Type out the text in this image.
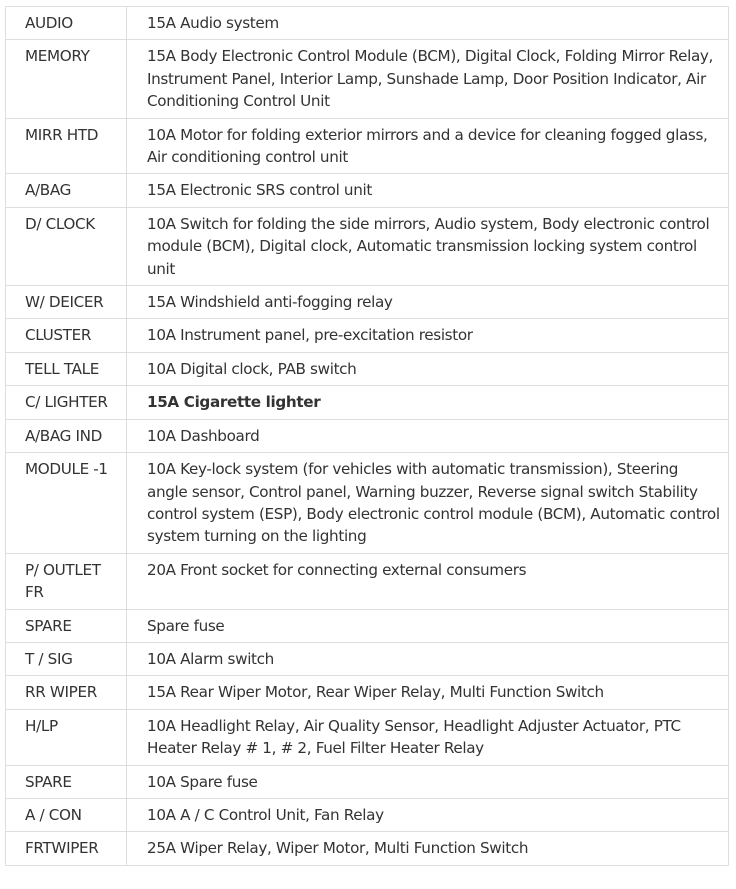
AUDIO	15A Audio system
MEMORY	15A Body Electronic Control Module (BCM), Digital Clock, Folding Mirror Relay, Instrument Panel, Interior Lamp, Sunshade Lamp, Door Position Indicator, Air Conditioning Control Unit
MIRR HTD	10A Motor for folding exterior mirrors and a device for cleaning fogged glass, Air conditioning control unit
A/BAG	15A Electronic SRS control unit
D/ CLOCK	10A Switch for folding the side mirrors, Audio system, Body electronic control module (BCM), Digital clock, Automatic transmission locking system control unit
W/ DEICER	15A Windshield anti-fogging relay
CLUSTER	10A Instrument panel, pre-excitation resistor
TELL TALE	10A Digital clock, PAB switch
C/ LIGHTER	15A Cigarette lighter
A/BAG IND	10A Dashboard
MODULE -1	10A Key-lock system (for vehicles with automatic transmission), Steering angle sensor, Control panel, Warning buzzer, Reverse signal switch Stability control system (ESP), Body electronic control module (BCM), Automatic control system turning on the lighting
P/ OUTLET FR	20A Front socket for connecting external consumers
SPARE	Spare fuse
T / SIG	10A Alarm switch
RR WIPER	15A Rear Wiper Motor, Rear Wiper Relay, Multi Function Switch
H/LP	10A Headlight Relay, Air Quality Sensor, Headlight Adjuster Actuator, PTC Heater Relay # 1, # 2, Fuel Filter Heater Relay
SPARE	10A Spare fuse
A / CON	10A A / C Control Unit, Fan Relay
FRTWIPER	25A Wiper Relay, Wiper Motor, Multi Function Switch
